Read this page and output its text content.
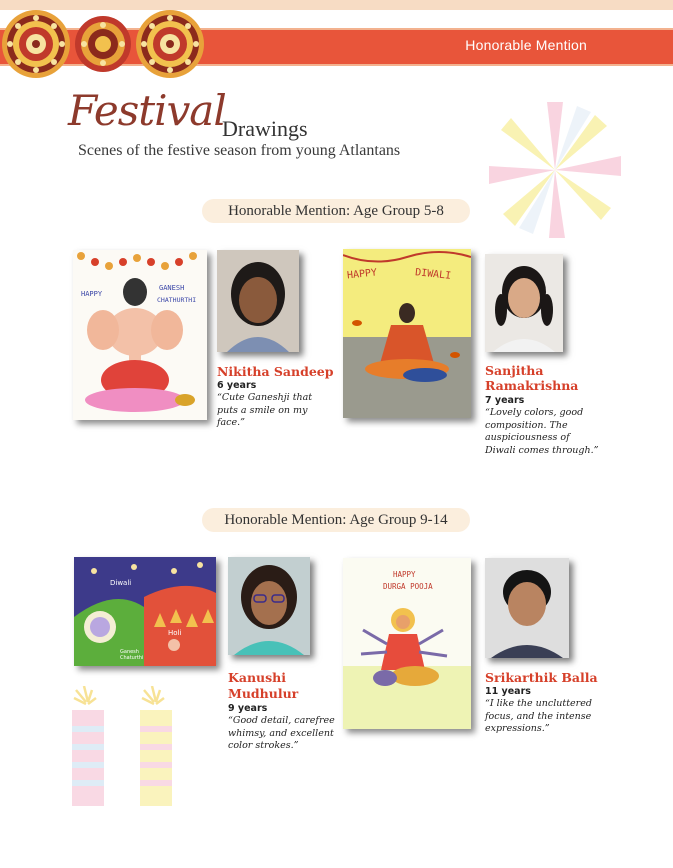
Honorable Mention
Festival
Drawings
Scenes of the festive season from young Atlantans
Honorable Mention: Age Group 5-8
HAPPY
GANESH
CHATHURTHI
Nikitha Sandeep
6 years
“Cute Ganeshji that puts a smile on my face.”
HAPPY	DIWALI
Sanjitha
Ramakrishna
7 years
“Lovely colors, good composition. The auspiciousness of Diwali comes through.”
Honorable Mention: Age Group 9-14
Diwali
Holi
Ganesh Chaturthi
Kanushi
Mudhulur
9 years
“Good detail, carefree whimsy, and excellent color strokes.”
HAPPY
DURGA POOJA
Srikarthik Balla
11 years
“I like the uncluttered focus, and the intense expressions.”
